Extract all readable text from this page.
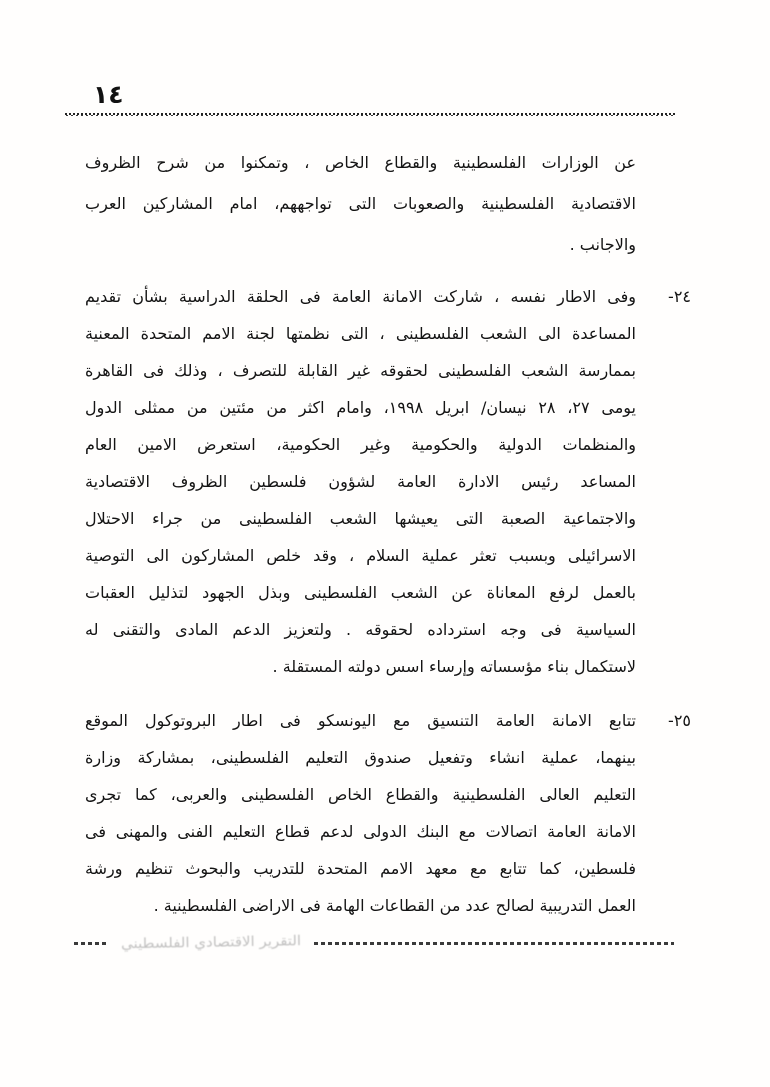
١٤
عن الوزارات الفلسطينية والقطاع الخاص ، وتمكنوا من شرح الظروف
الاقتصادية الفلسطينية والصعوبات التى تواجههم، امام المشاركين العرب
والاجانب .
٢٤-
وفى الاطار نفسه ، شاركت الامانة العامة فى الحلقة الدراسية بشأن تقديم
المساعدة الى الشعب الفلسطينى ، التى نظمتها لجنة الامم المتحدة المعنية
بممارسة الشعب الفلسطينى لحقوقه غير القابلة للتصرف ، وذلك فى القاهرة
يومى ٢٧، ٢٨ نيسان/ ابريل ١٩٩٨، وامام اكثر من مئتين من ممثلى الدول
والمنظمات الدولية والحكومية وغير الحكومية، استعرض الامين العام
المساعد رئيس الادارة العامة لشؤون فلسطين الظروف الاقتصادية
والاجتماعية الصعبة التى يعيشها الشعب الفلسطينى من جراء الاحتلال
الاسرائيلى وبسبب تعثر عملية السلام ، وقد خلص المشاركون الى التوصية
بالعمل لرفع المعاناة عن الشعب الفلسطينى وبذل الجهود لتذليل العقبات
السياسية فى وجه استرداده لحقوقه . ولتعزيز الدعم المادى والتقنى له
لاستكمال بناء مؤسساته وإرساء اسس دولته المستقلة .
٢٥-
تتابع الامانة العامة التنسيق مع اليونسكو فى اطار البروتوكول الموقع
بينهما، عملية انشاء وتفعيل صندوق التعليم الفلسطينى، بمشاركة وزارة
التعليم العالى الفلسطينية والقطاع الخاص الفلسطينى والعربى، كما تجرى
الامانة العامة اتصالات مع البنك الدولى لدعم قطاع التعليم الفنى والمهنى فى
فلسطين، كما تتابع مع معهد الامم المتحدة للتدريب والبحوث تنظيم ورشة
العمل التدريبية لصالح عدد من القطاعات الهامة فى الاراضى الفلسطينية .
التقرير الاقتصادي الفلسطيني
